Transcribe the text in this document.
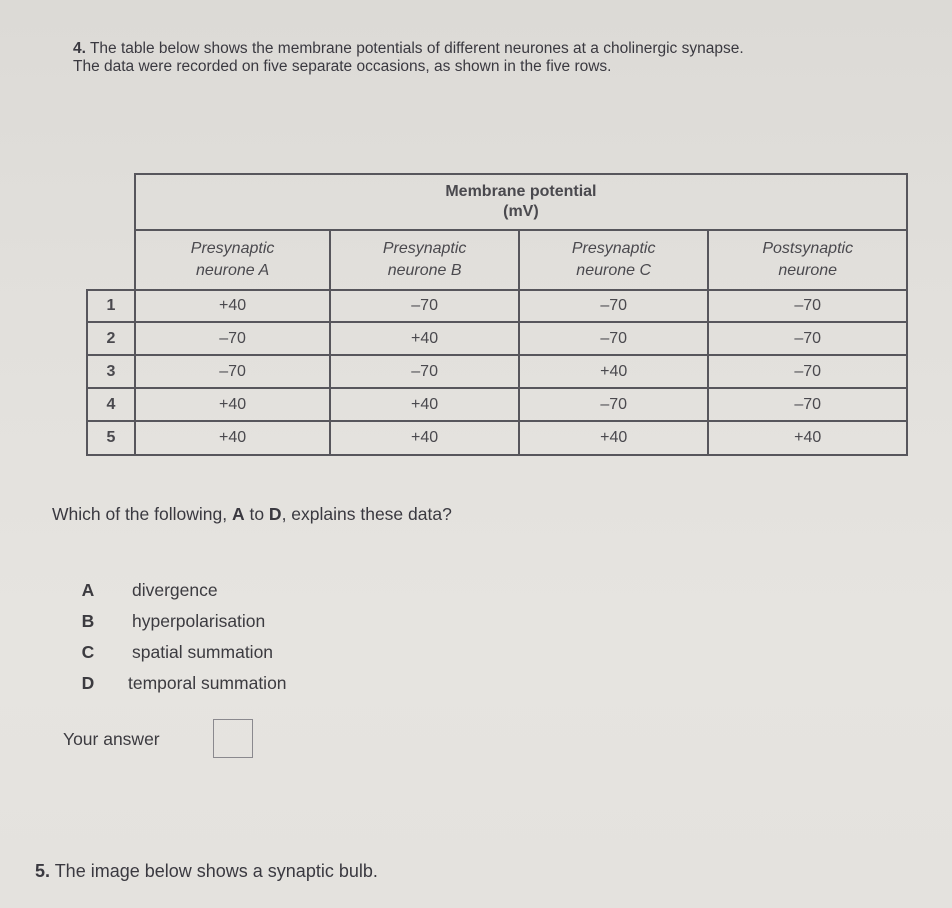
4. The table below shows the membrane potentials of different neurones at a cholinergic synapse.
The data were recorded on five separate occasions, as shown in the five rows.

	Membrane potential
(mV)			

Presynaptic
neurone A

Presynaptic
neurone B

Presynaptic
neurone C

Postsynaptic
neurone

1	+40	–70	–70	–70
2	–70	+40	–70	–70
3	–70	–70	+40	–70
4	+40	+40	–70	–70
5	+40	+40	+40	+40
Which of the following, A to D, explains these data?
A divergence
B hyperpolarisation
C spatial summation
D temporal summation
Your answer
5. The image below shows a synaptic bulb.
